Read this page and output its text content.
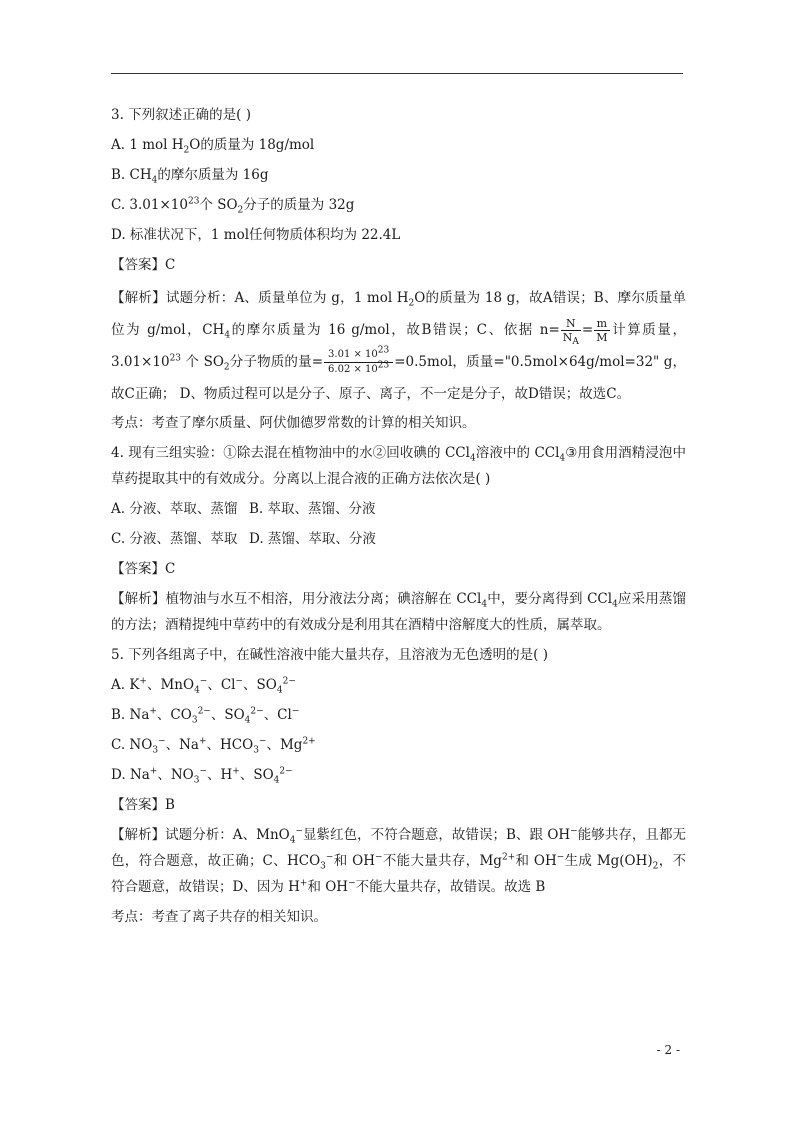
3. 下列叙述正确的是( )
A. 1 mol $H_2O$的质量为 18g/mol
B. $CH_4$的摩尔质量为 16g
C. $3.01\times 10^{23}$个 $SO_2$分子的质量为 32g
D. 标准状况下，1 mol任何物质体积均为 22.4L
【答案】C
【解析】试题分析：A、质量单位为 g，1 mol $H_2O$的质量为 18 g，故A错误；B、摩尔质量单位为 g/mol，$CH_4$的摩尔质量为 16 g/mol，故B错误；C、依据 $n= \frac{N}{N_A} = \frac{m}{M}$ 计算质量，$3.01\times 10^{23}$ 个 $SO_2$分子物质的量= $\frac{3.01 \times 10^{23}}{6.02 \times 10^{23}} =0.5mol$，质量="0.5mol×64g/mol=32" g，故C正确； D、物质过程可以是分子、原子、离子，不一定是分子，故D错误；故选C。
考点：考查了摩尔质量、阿伏伽德罗常数的计算的相关知识。
4. 现有三组实验：①除去混在植物油中的水②回收碘的 CCl$_4$溶液中的 CCl$_4$③用食用酒精浸泡中草药提取其中的有效成分。分离以上混合液的正确方法依次是( )
A. 分液、萃取、蒸馏 B. 萃取、蒸馏、分液
C. 分液、蒸馏、萃取 D. 蒸馏、萃取、分液
【答案】C
【解析】植物油与水互不相溶，用分液法分离；碘溶解在 CCl$_4$中，要分离得到 CCl$_4$应采用蒸馏的方法；酒精提纯中草药中的有效成分是利用其在酒精中溶解度大的性质，属萃取。
5. 下列各组离子中，在碱性溶液中能大量共存，且溶液为无色透明的是( )
A. K+、MnO$_4$−、Cl−、$SO_4^{2-}$
B. Na+、$CO_3^{2-}$、$SO_4^{2-}$、Cl−
C. $NO_3^-$、Na+、$HCO_3^-$、$Mg^{2+}$
D. Na+、$NO_3^-$、H+、$SO_4^{2-}$
【答案】B
【解析】试题分析：A、MnO$_4$−显紫红色，不符合题意，故错误；B、跟 OH−能够共存，且都无色，符合题意，故正确；C、$HCO_3^-$和 OH−不能大量共存，$Mg^{2+}$和 OH−生成 $Mg(OH)_2$，不符合题意，故错误；D、因为 H+和 OH−不能大量共存，故错误。故选 B
考点：考查了离子共存的相关知识。
- 2 -
